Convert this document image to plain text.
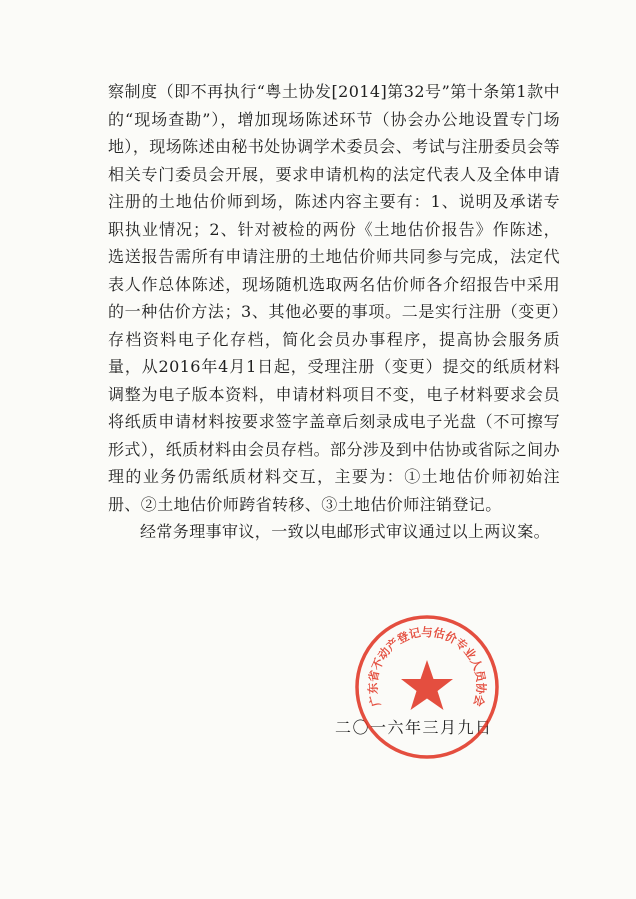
察制度（即不再执行“粤土协发[2014]第32号”第十条第1款中的“现场查勘”），增加现场陈述环节（协会办公地设置专门场地），现场陈述由秘书处协调学术委员会、考试与注册委员会等相关专门委员会开展，要求申请机构的法定代表人及全体申请注册的土地估价师到场，陈述内容主要有：1、说明及承诺专职执业情况；2、针对被检的两份《土地估价报告》作陈述，选送报告需所有申请注册的土地估价师共同参与完成，法定代表人作总体陈述，现场随机选取两名估价师各介绍报告中采用的一种估价方法；3、其他必要的事项。二是实行注册（变更）存档资料电子化存档，简化会员办事程序，提高协会服务质量，从2016年4月1日起，受理注册（变更）提交的纸质材料调整为电子版本资料，申请材料项目不变，电子材料要求会员将纸质申请材料按要求签字盖章后刻录成电子光盘（不可擦写形式），纸质材料由会员存档。部分涉及到中估协或省际之间办理的业务仍需纸质材料交互，主要为：①土地估价师初始注册、②土地估价师跨省转移、③土地估价师注销登记。

经常务理事审议，一致以电邮形式审议通过以上两议案。

二〇一六年三月九日
广东省不动产登记与估价专业人员协会
